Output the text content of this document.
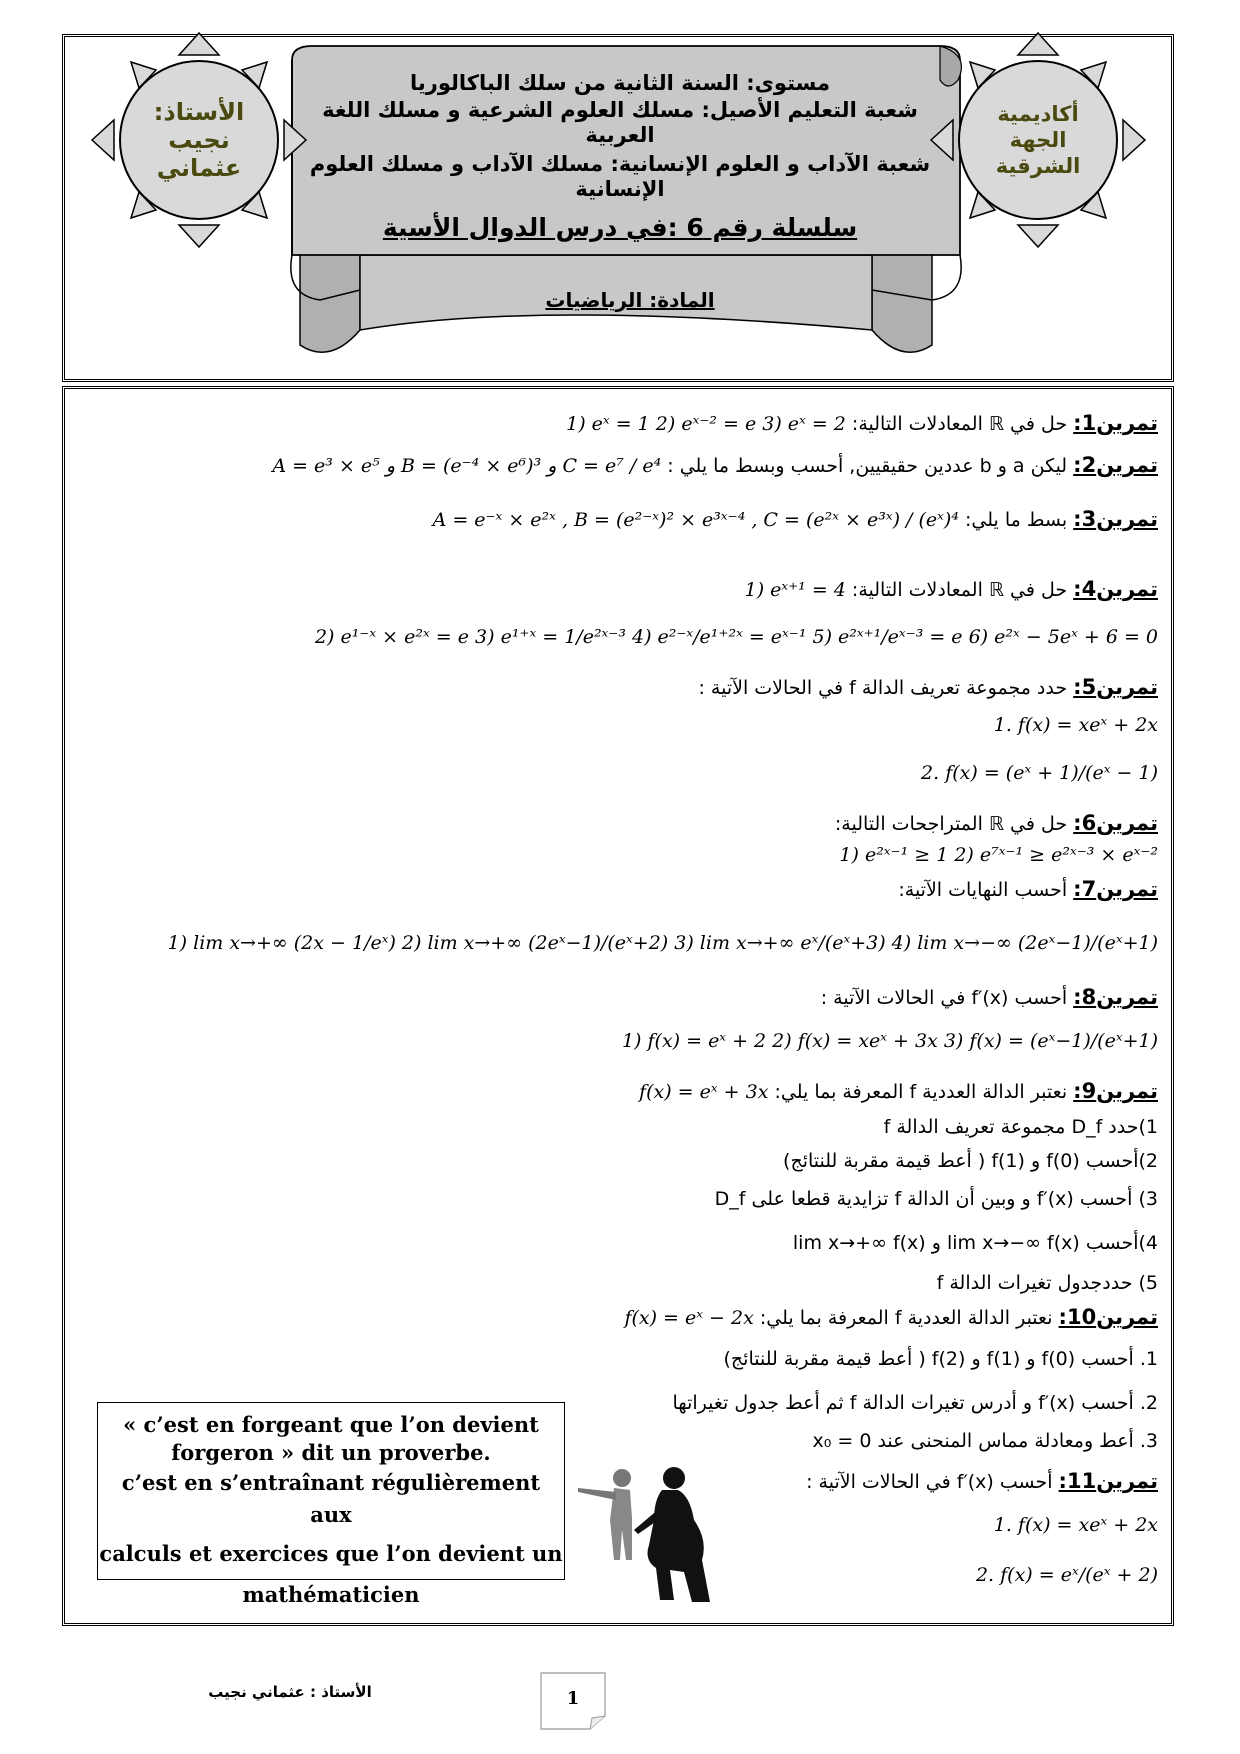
أكاديمية الجهة الشرقية
الأستاذ: نجيب عثماني
مستوى: السنة الثانية من سلك الباكالوريا
شعبة التعليم الأصيل: مسلك العلوم الشرعية و مسلك اللغة العربية
شعبة الآداب و العلوم الإنسانية: مسلك الآداب و مسلك العلوم الإنسانية
سلسلة رقم 6 :في درس الدوال الأسية
المادة: الرياضيات
تمرين1: حل في ℝ المعادلات التالية: 1) eˣ = 1 2) eˣ⁻² = e 3) eˣ = 2
تمرين2: ليكن a و b عددين حقيقيين, أحسب وبسط ما يلي : A = e³ × e⁵ و B = (e⁻⁴ × e⁶)³ و C = e⁷ / e⁴
تمرين3: بسط ما يلي: A = e⁻ˣ × e²ˣ , B = (e²⁻ˣ)² × e³ˣ⁻⁴ , C = (e²ˣ × e³ˣ) / (eˣ)⁴
تمرين4: حل في ℝ المعادلات التالية: 1) eˣ⁺¹ = 4
2) e¹⁻ˣ × e²ˣ = e 3) e¹⁺ˣ = 1/e²ˣ⁻³ 4) e²⁻ˣ/e¹⁺²ˣ = eˣ⁻¹ 5) e²ˣ⁺¹/eˣ⁻³ = e 6) e²ˣ − 5eˣ + 6 = 0
تمرين5: حدد مجموعة تعريف الدالة f في الحالات الآتية :
1. f(x) = xeˣ + 2x
2. f(x) = (eˣ + 1)/(eˣ − 1)
تمرين6: حل في ℝ المتراجحات التالية:
1) e²ˣ⁻¹ ≥ 1 2) e⁷ˣ⁻¹ ≥ e²ˣ⁻³ × eˣ⁻²
تمرين7: أحسب النهايات الآتية:
1) lim x→+∞ (2x − 1/eˣ) 2) lim x→+∞ (2eˣ−1)/(eˣ+2) 3) lim x→+∞ eˣ/(eˣ+3) 4) lim x→−∞ (2eˣ−1)/(eˣ+1)
تمرين8: أحسب f′(x) في الحالات الآتية :
1) f(x) = eˣ + 2 2) f(x) = xeˣ + 3x 3) f(x) = (eˣ−1)/(eˣ+1)
تمرين9: نعتبر الدالة العددية f المعرفة بما يلي: f(x) = eˣ + 3x
1)حدد D_f مجموعة تعريف الدالة f
2)أحسب f(0) و f(1) ( أعط قيمة مقربة للنتائج)
3) أحسب f′(x) و وبين أن الدالة f تزايدية قطعا على D_f
4)أحسب lim x→−∞ f(x) و lim x→+∞ f(x)
5) حددجدول تغيرات الدالة f
تمرين10: نعتبر الدالة العددية f المعرفة بما يلي: f(x) = eˣ − 2x
1. أحسب f(0) و f(1) و f(2) ( أعط قيمة مقربة للنتائج)
2. أحسب f′(x) و أدرس تغيرات الدالة f ثم أعط جدول تغيراتها
3. أعط ومعادلة مماس المنحنى عند x₀ = 0
تمرين11: أحسب f′(x) في الحالات الآتية :
1. f(x) = xeˣ + 2x
2. f(x) = eˣ/(eˣ + 2)
« c’est en forgeant que l’on devient
forgeron » dit un proverbe.
c’est en s’entraînant régulièrement aux
calculs et exercices que l’on devient un
mathématicien
الأستاذ : عثماني نجيب	1
